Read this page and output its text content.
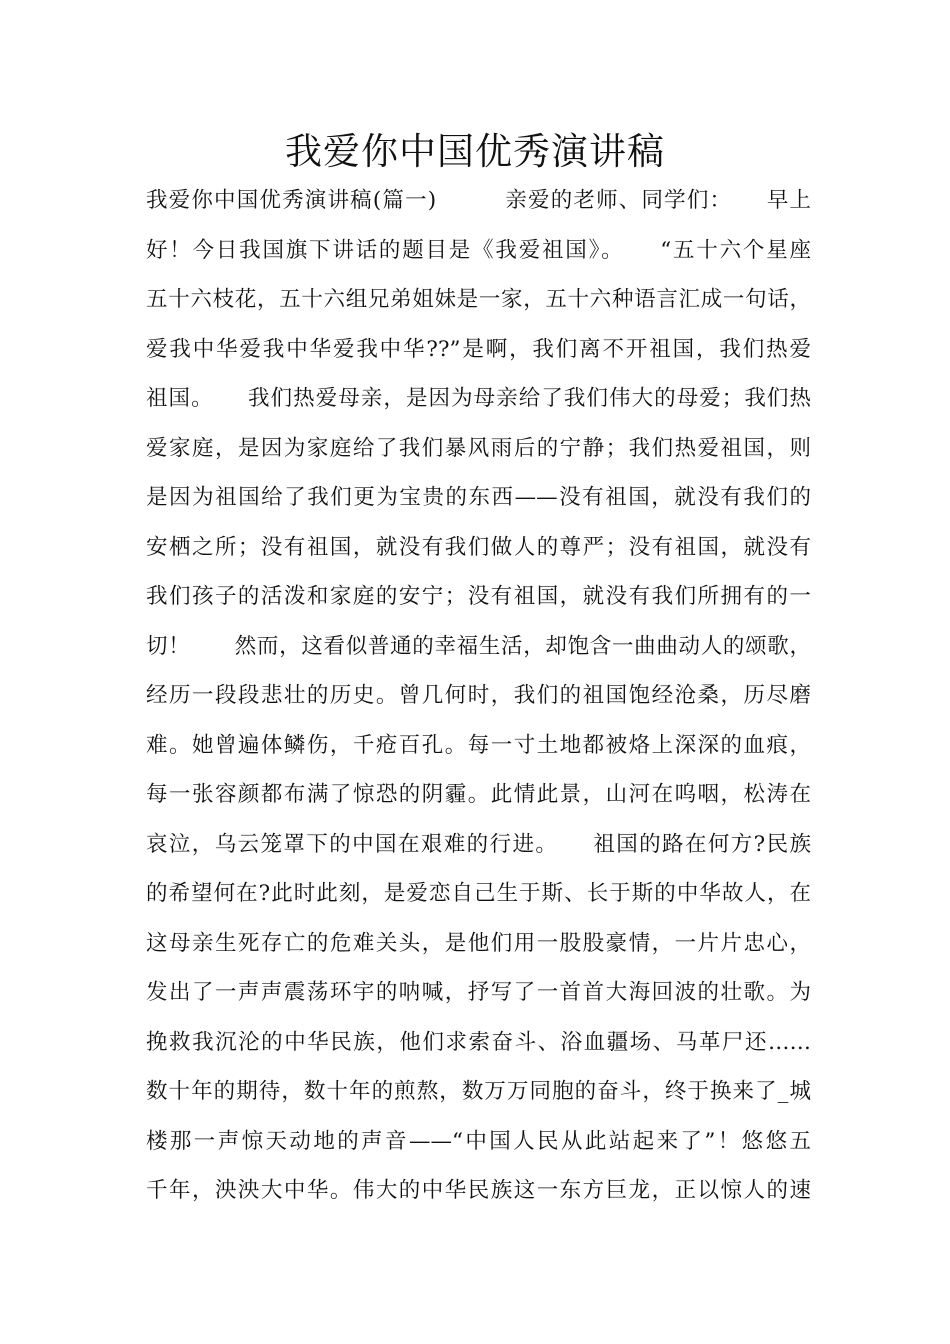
我爱你中国优秀演讲稿
我爱你中国优秀演讲稿(篇一)　　　亲爱的老师、同学们：　　早上
好！今日我国旗下讲话的题目是《我爱祖国》。　　“五十六个星座
五十六枝花，五十六组兄弟姐妹是一家，五十六种语言汇成一句话，
爱我中华爱我中华爱我中华??”是啊，我们离不开祖国，我们热爱
祖国。　　我们热爱母亲，是因为母亲给了我们伟大的母爱；我们热
爱家庭，是因为家庭给了我们暴风雨后的宁静；我们热爱祖国，则
是因为祖国给了我们更为宝贵的东西——没有祖国，就没有我们的
安栖之所；没有祖国，就没有我们做人的尊严；没有祖国，就没有
我们孩子的活泼和家庭的安宁；没有祖国，就没有我们所拥有的一
切！　　然而，这看似普通的幸福生活，却饱含一曲曲动人的颂歌，
经历一段段悲壮的历史。曾几何时，我们的祖国饱经沧桑，历尽磨
难。她曾遍体鳞伤，千疮百孔。每一寸土地都被烙上深深的血痕，
每一张容颜都布满了惊恐的阴霾。此情此景，山河在呜咽，松涛在
哀泣，乌云笼罩下的中国在艰难的行进。　　祖国的路在何方?民族
的希望何在?此时此刻，是爱恋自己生于斯、长于斯的中华故人，在
这母亲生死存亡的危难关头，是他们用一股股豪情，一片片忠心，
发出了一声声震荡环宇的呐喊，抒写了一首首大海回波的壮歌。为
挽救我沉沦的中华民族，他们求索奋斗、浴血疆场、马革尸还……
数十年的期待，数十年的煎熬，数万万同胞的奋斗，终于换来了_城
楼那一声惊天动地的声音——“中国人民从此站起来了”！悠悠五
千年，泱泱大中华。伟大的中华民族这一东方巨龙，正以惊人的速
